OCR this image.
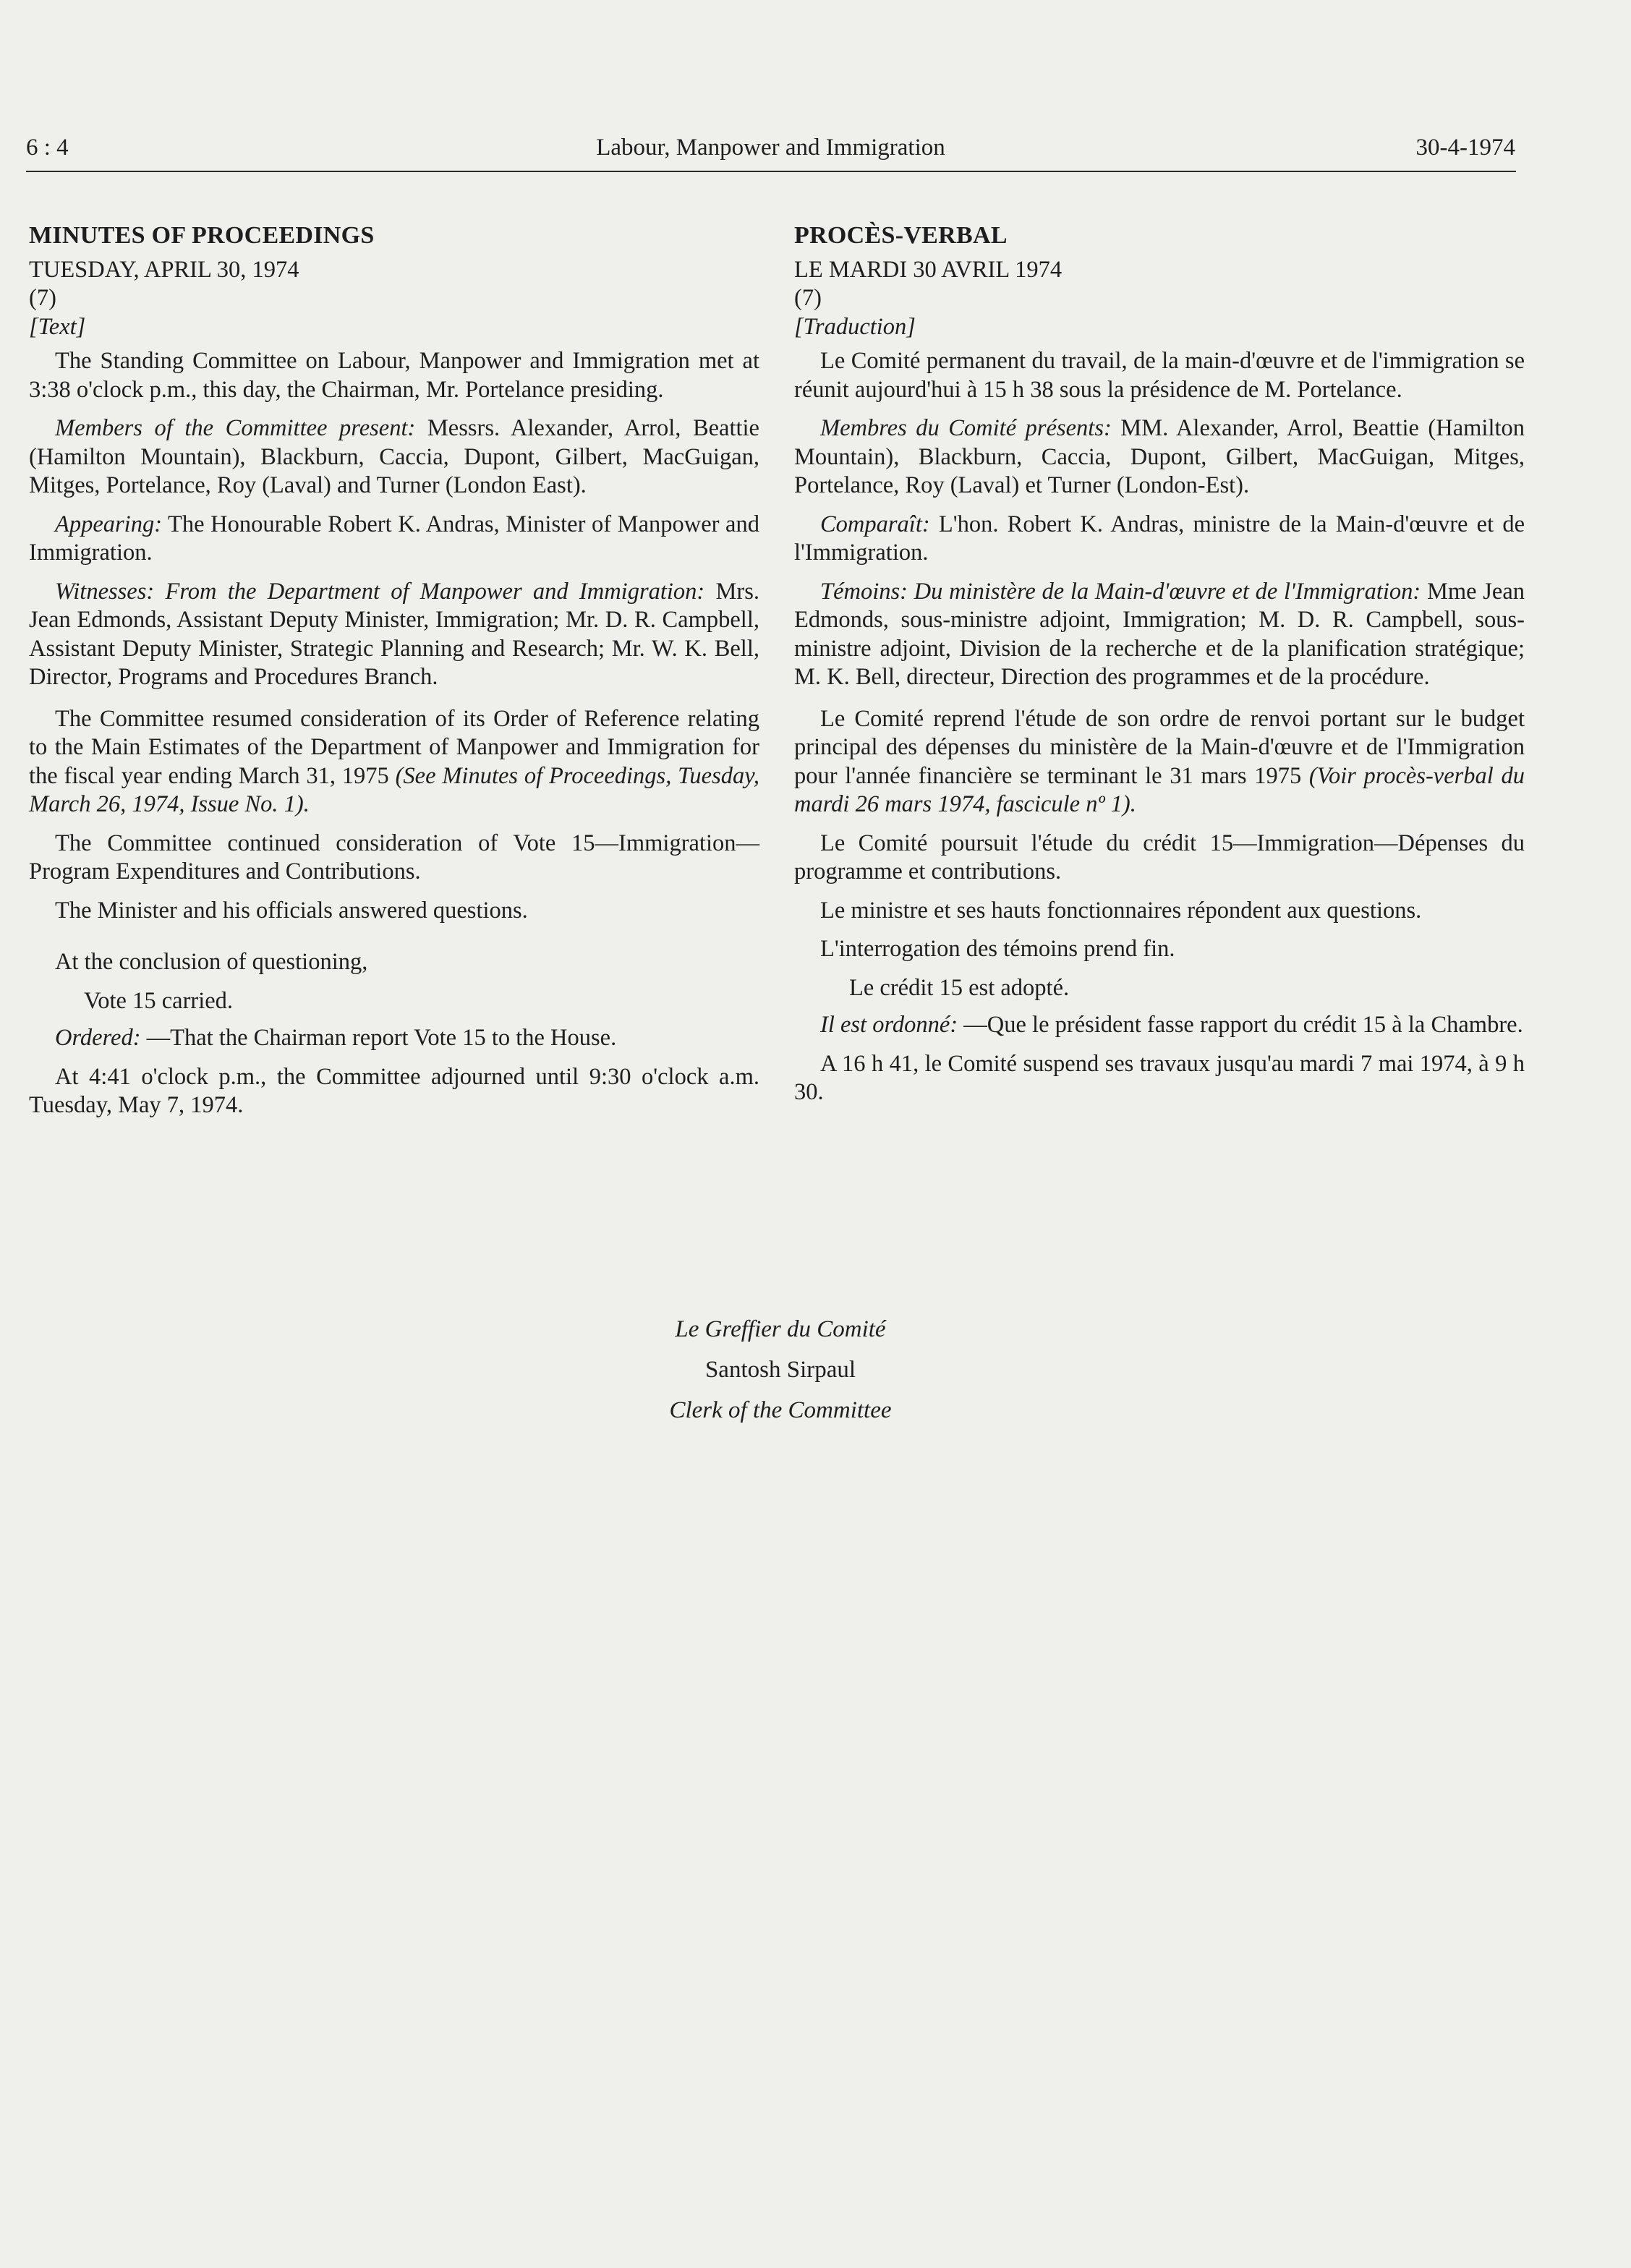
6 : 4	Labour, Manpower and Immigration	30-4-1974
MINUTES OF PROCEEDINGS
TUESDAY, APRIL 30, 1974
(7)
[Text]

The Standing Committee on Labour, Manpower and Immigration met at 3:38 o'clock p.m., this day, the Chairman, Mr. Portelance presiding.

Members of the Committee present: Messrs. Alexander, Arrol, Beattie (Hamilton Mountain), Blackburn, Caccia, Dupont, Gilbert, MacGuigan, Mitges, Portelance, Roy (Laval) and Turner (London East).

Appearing: The Honourable Robert K. Andras, Minister of Manpower and Immigration.

Witnesses: From the Department of Manpower and Immigration: Mrs. Jean Edmonds, Assistant Deputy Minister, Immigration; Mr. D. R. Campbell, Assistant Deputy Minister, Strategic Planning and Research; Mr. W. K. Bell, Director, Programs and Procedures Branch.

The Committee resumed consideration of its Order of Reference relating to the Main Estimates of the Department of Manpower and Immigration for the fiscal year ending March 31, 1975 (See Minutes of Proceedings, Tuesday, March 26, 1974, Issue No. 1).

The Committee continued consideration of Vote 15—Immigration—Program Expenditures and Contributions.

The Minister and his officials answered questions.

At the conclusion of questioning,

Vote 15 carried.

Ordered: —That the Chairman report Vote 15 to the House.

At 4:41 o'clock p.m., the Committee adjourned until 9:30 o'clock a.m. Tuesday, May 7, 1974.

PROCÈS-VERBAL
LE MARDI 30 AVRIL 1974
(7)
[Traduction]

Le Comité permanent du travail, de la main-d'œuvre et de l'immigration se réunit aujourd'hui à 15 h 38 sous la présidence de M. Portelance.

Membres du Comité présents: MM. Alexander, Arrol, Beattie (Hamilton Mountain), Blackburn, Caccia, Dupont, Gilbert, MacGuigan, Mitges, Portelance, Roy (Laval) et Turner (London-Est).

Comparaît: L'hon. Robert K. Andras, ministre de la Main-d'œuvre et de l'Immigration.

Témoins: Du ministère de la Main-d'œuvre et de l'Immigration: Mme Jean Edmonds, sous-ministre adjoint, Immigration; M. D. R. Campbell, sous-ministre adjoint, Division de la recherche et de la planification stratégique; M. K. Bell, directeur, Direction des programmes et de la procédure.

Le Comité reprend l'étude de son ordre de renvoi portant sur le budget principal des dépenses du ministère de la Main-d'œuvre et de l'Immigration pour l'année financière se terminant le 31 mars 1975 (Voir procès-verbal du mardi 26 mars 1974, fascicule nº 1).

Le Comité poursuit l'étude du crédit 15—Immigration—Dépenses du programme et contributions.

Le ministre et ses hauts fonctionnaires répondent aux questions.

L'interrogation des témoins prend fin.

Le crédit 15 est adopté.

Il est ordonné: —Que le président fasse rapport du crédit 15 à la Chambre.

A 16 h 41, le Comité suspend ses travaux jusqu'au mardi 7 mai 1974, à 9 h 30.

Le Greffier du Comité
Santosh Sirpaul
Clerk of the Committee
